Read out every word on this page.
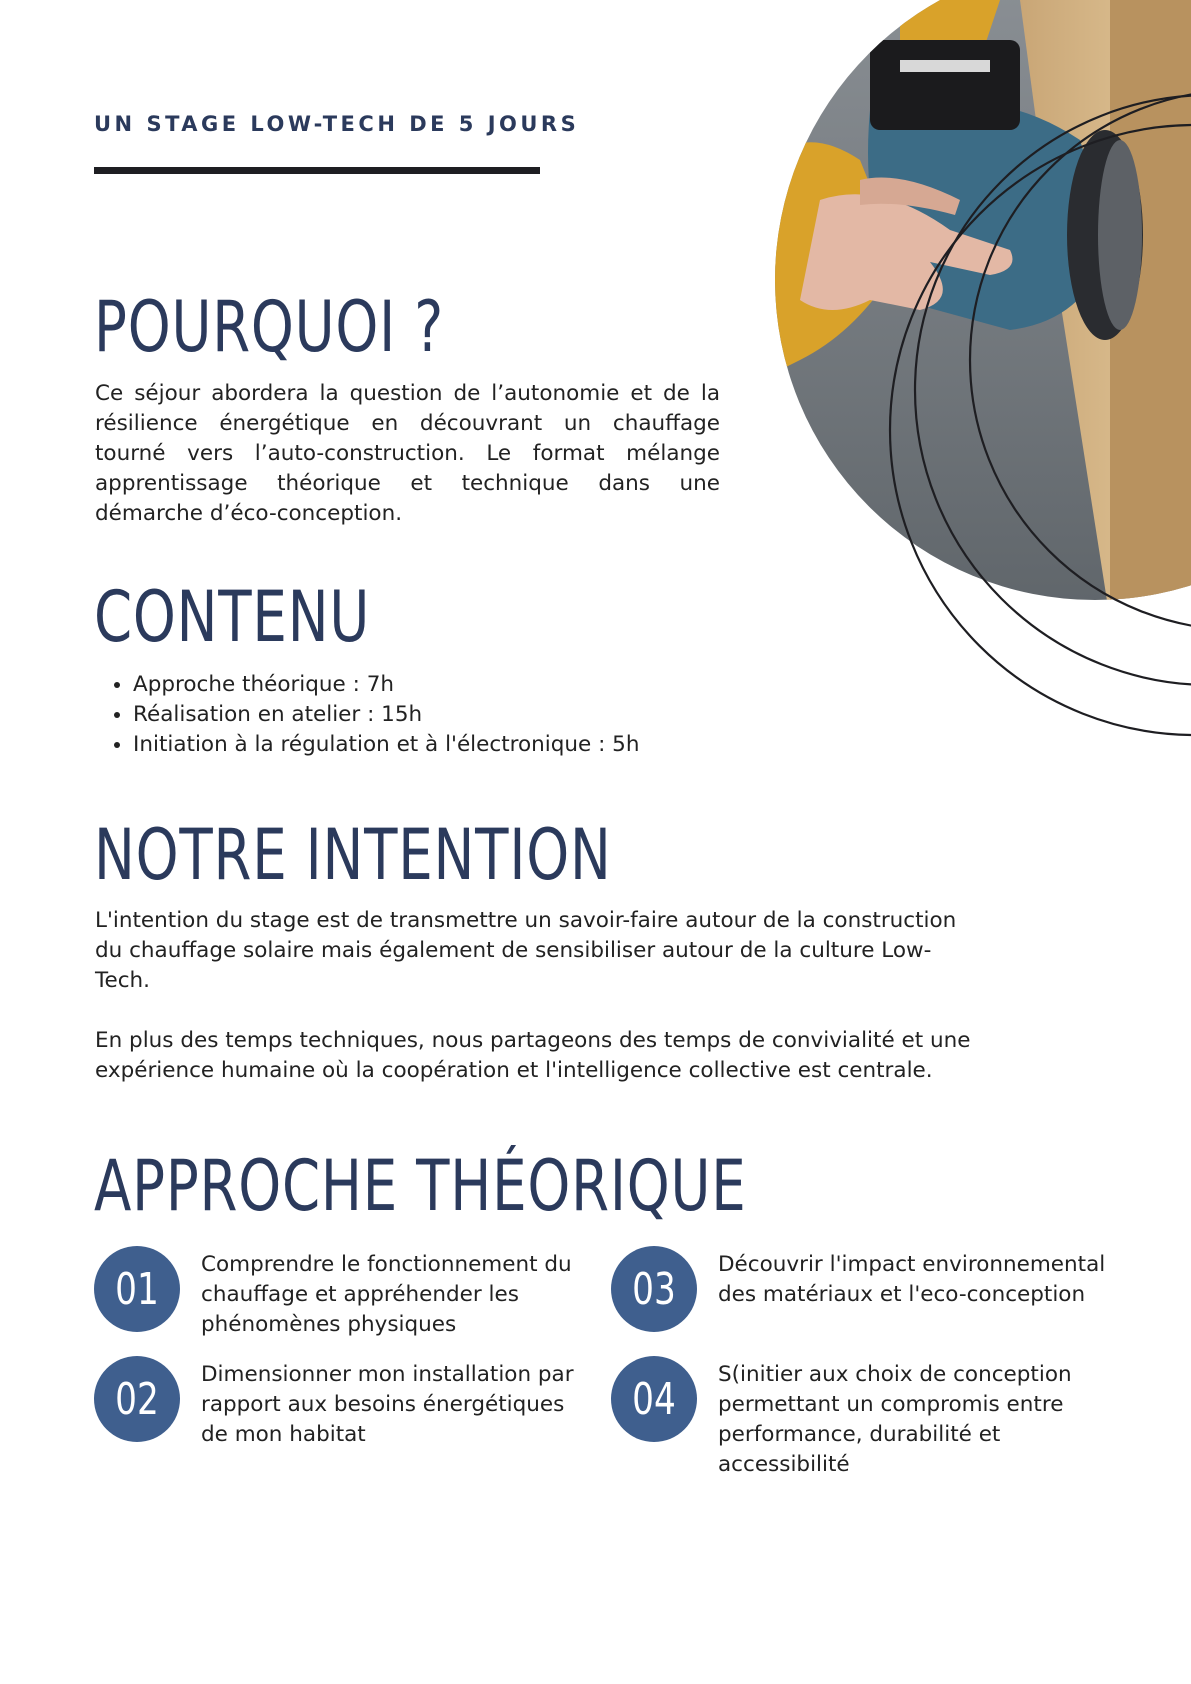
UN STAGE LOW-TECH DE 5 JOURS
POURQUOI ?

Ce séjour abordera la question de l’autonomie et de la résilience énergétique en découvrant un chauffage tourné vers l’auto-construction. Le format mélange apprentissage théorique et technique dans une démarche d’éco-conception.

CONTENU
• Approche théorique : 7h
• Réalisation en atelier : 15h
• Initiation à la régulation et à l'électronique : 5h
NOTRE INTENTION

L'intention du stage est de transmettre un savoir-faire autour de la construction du chauffage solaire mais également de sensibiliser autour de la culture Low-Tech.

En plus des temps techniques, nous partageons des temps de convivialité et une expérience humaine où la coopération et l'intelligence collective est centrale.

APPROCHE THÉORIQUE
01 Comprendre le fonctionnement du chauffage et appréhender les phénomènes physiques

02 Dimensionner mon installation par rapport aux besoins énergétiques de mon habitat

03 Découvrir l'impact environnemental des matériaux et l'eco-conception

04 S(initier aux choix de conception permettant un compromis entre performance, durabilité et accessibilité
